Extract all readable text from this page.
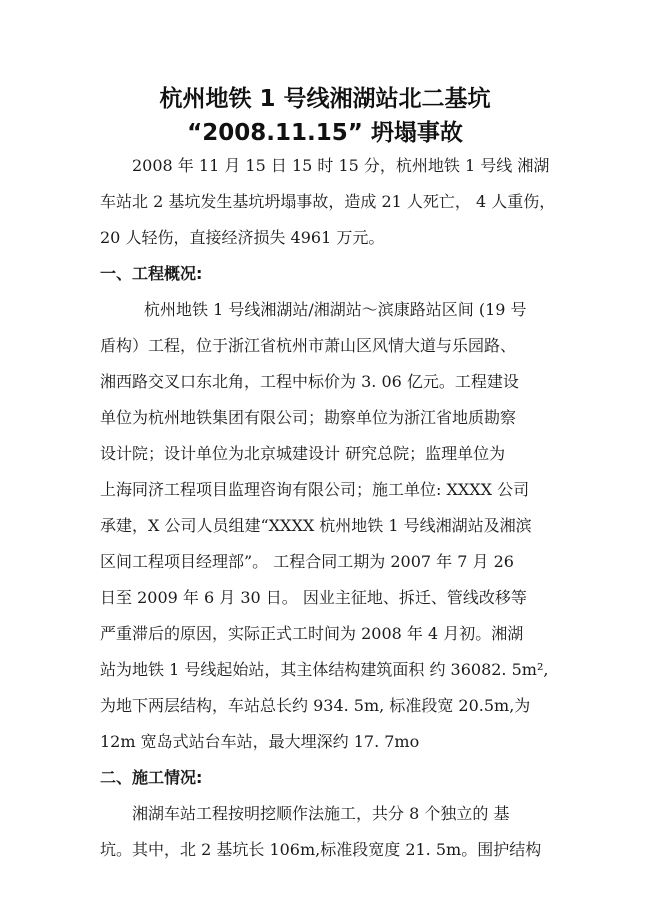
杭州地铁 1 号线湘湖站北二基坑
“2008.11.15” 坍塌事故
2008 年 11 月 15 日 15 时 15 分，杭州地铁 1 号线 湘湖
车站北 2 基坑发生基坑坍塌事故，造成 21 人死亡， 4 人重伤，
20 人轻伤，直接经济损失 4961 万元。
一、工程概况:
杭州地铁 1 号线湘湖站/湘湖站～滨康路站区间 (19 号
盾构）工程，位于浙江省杭州市萧山区风情大道与乐园路、
湘西路交叉口东北角，工程中标价为 3. 06 亿元。工程建设
单位为杭州地铁集团有限公司；勘察单位为浙江省地质勘察
设计院；设计单位为北京城建设计 研究总院；监理单位为
上海同济工程项目监理咨询有限公司；施工单位: XXXX 公司
承建，X 公司人员组建“XXXX 杭州地铁 1 号线湘湖站及湘滨
区间工程项目经理部”。 工程合同工期为 2007 年 7 月 26
日至 2009 年 6 月 30 日。 因业主征地、拆迁、管线改移等
严重滞后的原因，实际正式工时间为 2008 年 4 月初。湘湖
站为地铁 1 号线起始站，其主体结构建筑面积 约 36082. 5m²,
为地下两层结构，车站总长约 934. 5m, 标准段宽 20.5m,为
12m 宽岛式站台车站，最大埋深约 17. 7mo
二、施工情况:
湘湖车站工程按明挖顺作法施工，共分 8 个独立的 基
坑。其中，北 2 基坑长 106m,标准段宽度 21. 5m。围护结构
